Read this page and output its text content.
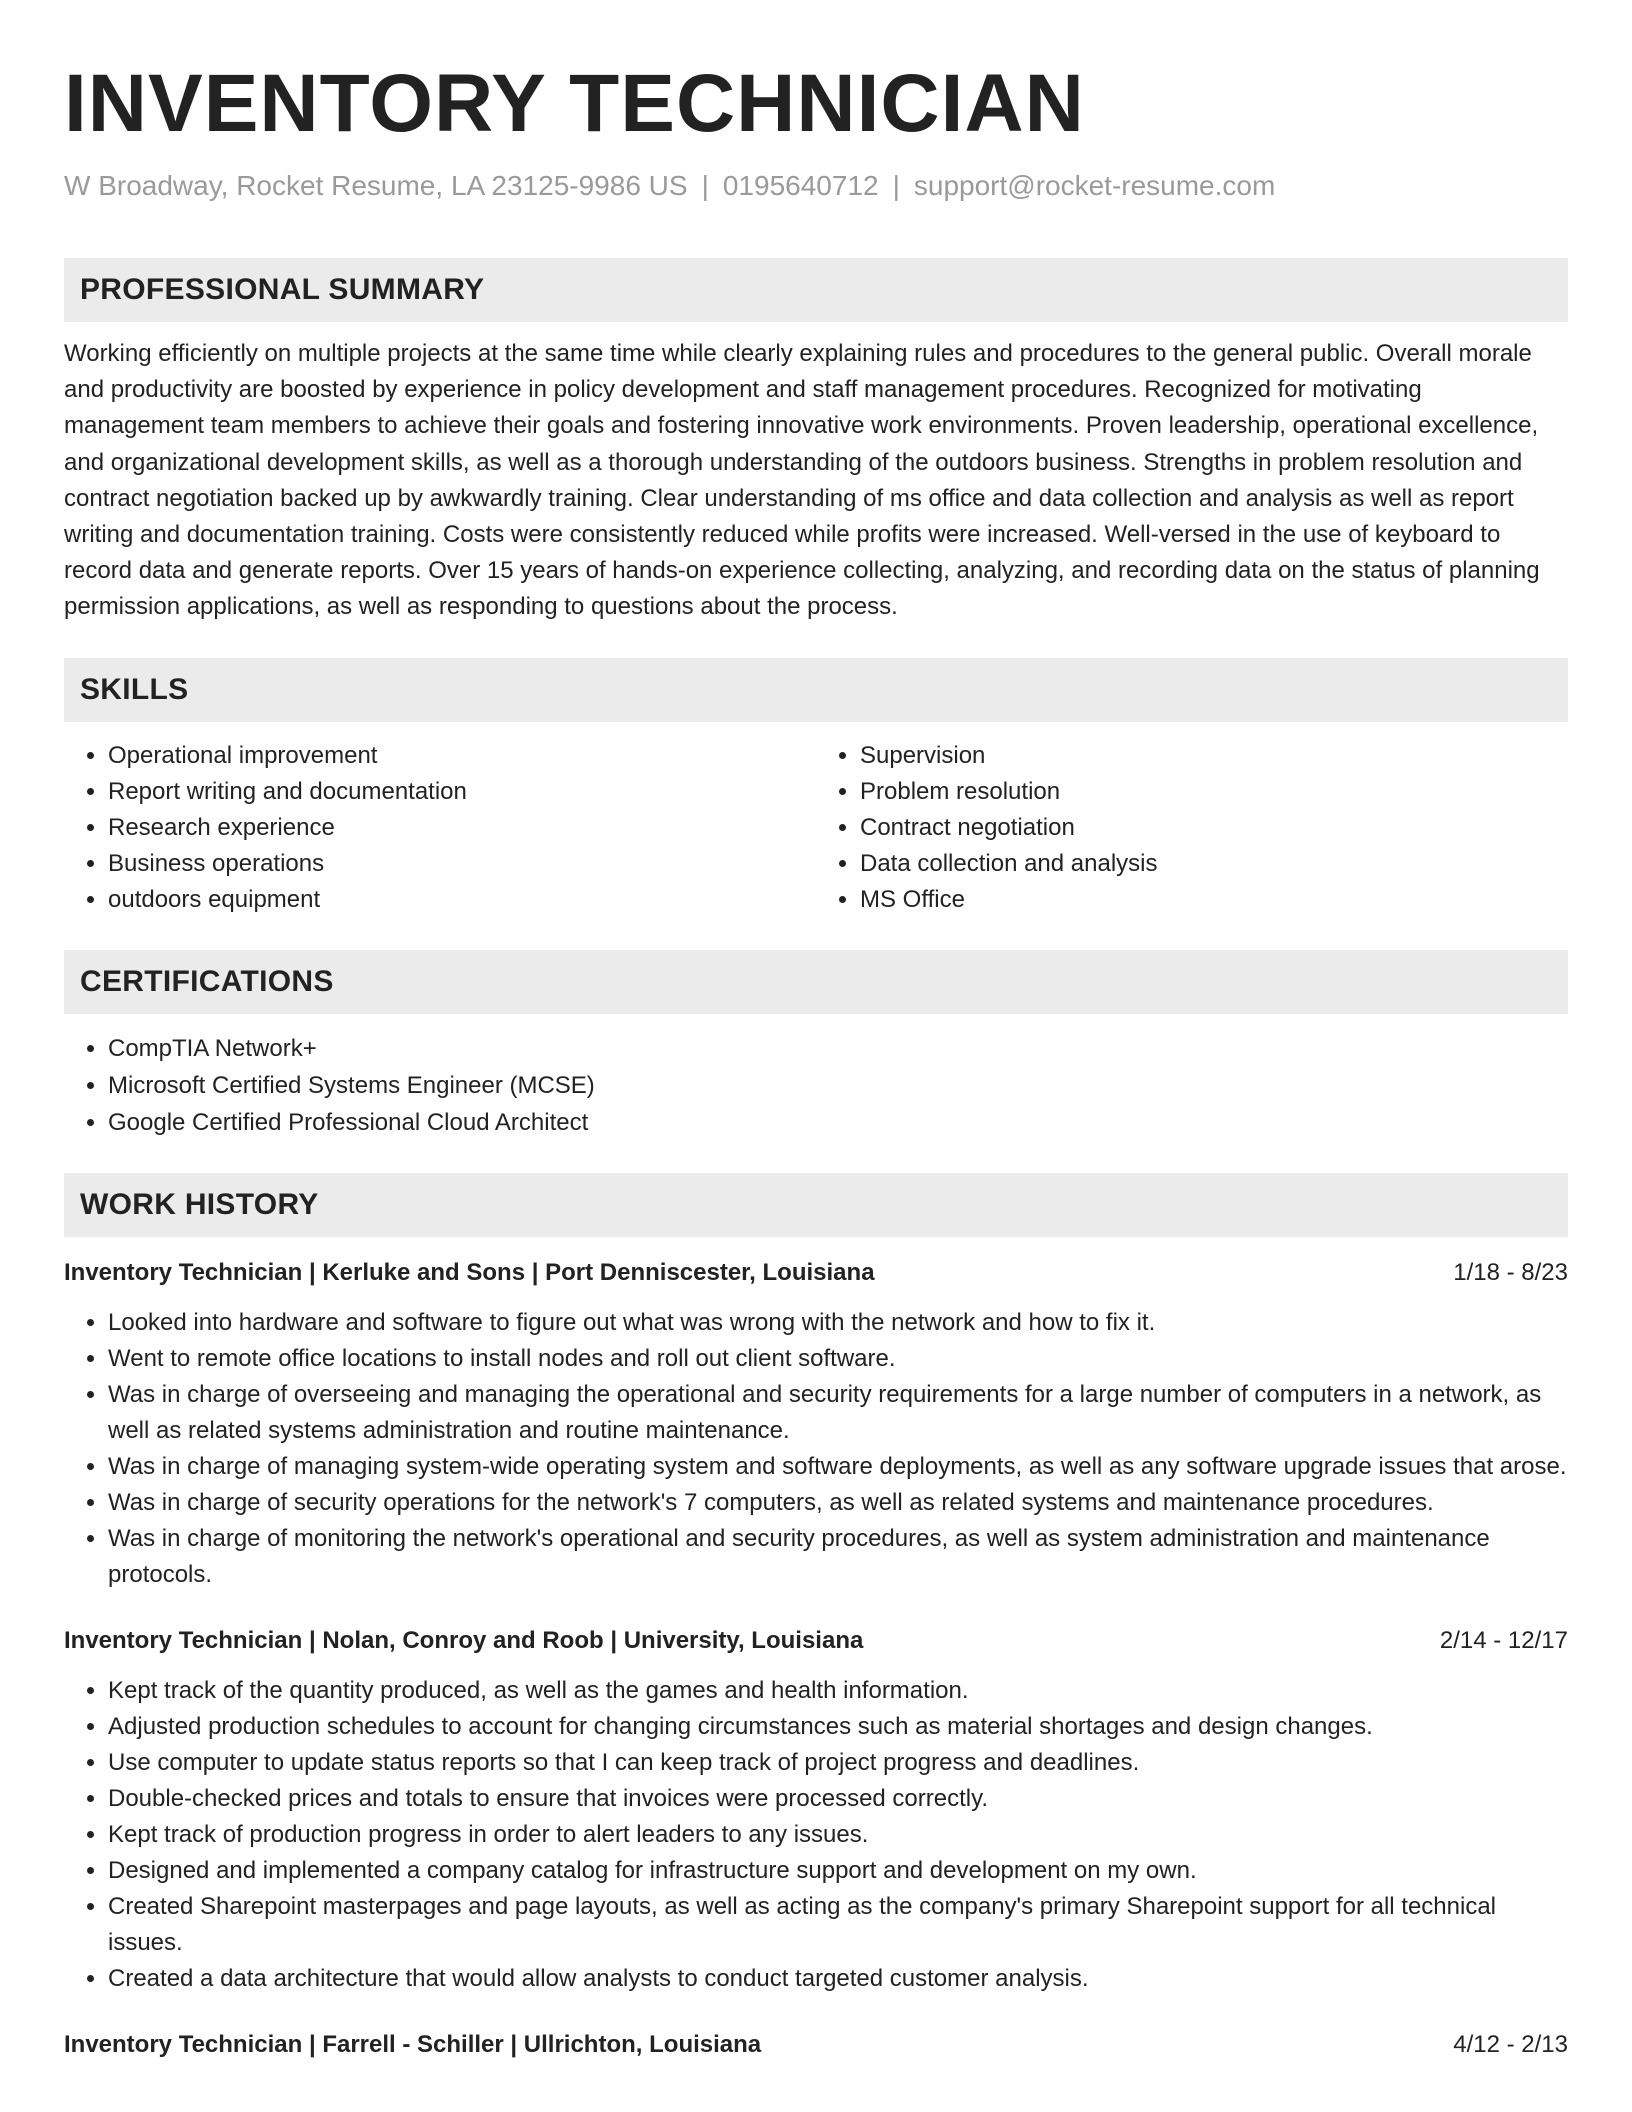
INVENTORY TECHNICIAN
W Broadway, Rocket Resume, LA 23125-9986 US | 0195640712 | support@rocket-resume.com
PROFESSIONAL SUMMARY

Working efficiently on multiple projects at the same time while clearly explaining rules and procedures to the general public. Overall morale and productivity are boosted by experience in policy development and staff management procedures. Recognized for motivating management team members to achieve their goals and fostering innovative work environments. Proven leadership, operational excellence, and organizational development skills, as well as a thorough understanding of the outdoors business. Strengths in problem resolution and contract negotiation backed up by awkwardly training. Clear understanding of ms office and data collection and analysis as well as report writing and documentation training. Costs were consistently reduced while profits were increased. Well-versed in the use of keyboard to record data and generate reports. Over 15 years of hands-on experience collecting, analyzing, and recording data on the status of planning permission applications, as well as responding to questions about the process.

SKILLS
• Operational improvement
• Report writing and documentation
• Research experience
• Business operations
• outdoors equipment
• Supervision
• Problem resolution
• Contract negotiation
• Data collection and analysis
• MS Office
CERTIFICATIONS
• CompTIA Network+
• Microsoft Certified Systems Engineer (MCSE)
• Google Certified Professional Cloud Architect
WORK HISTORY
Inventory Technician | Kerluke and Sons | Port Denniscester, Louisiana	1/18 - 8/23
• Looked into hardware and software to figure out what was wrong with the network and how to fix it.
• Went to remote office locations to install nodes and roll out client software.
• Was in charge of overseeing and managing the operational and security requirements for a large number of computers in a network, as well as related systems administration and routine maintenance.
• Was in charge of managing system-wide operating system and software deployments, as well as any software upgrade issues that arose.
• Was in charge of security operations for the network's 7 computers, as well as related systems and maintenance procedures.
• Was in charge of monitoring the network's operational and security procedures, as well as system administration and maintenance protocols.
Inventory Technician | Nolan, Conroy and Roob | University, Louisiana	2/14 - 12/17
• Kept track of the quantity produced, as well as the games and health information.
• Adjusted production schedules to account for changing circumstances such as material shortages and design changes.
• Use computer to update status reports so that I can keep track of project progress and deadlines.
• Double-checked prices and totals to ensure that invoices were processed correctly.
• Kept track of production progress in order to alert leaders to any issues.
• Designed and implemented a company catalog for infrastructure support and development on my own.
• Created Sharepoint masterpages and page layouts, as well as acting as the company's primary Sharepoint support for all technical issues.
• Created a data architecture that would allow analysts to conduct targeted customer analysis.
Inventory Technician | Farrell - Schiller | Ullrichton, Louisiana	4/12 - 2/13
